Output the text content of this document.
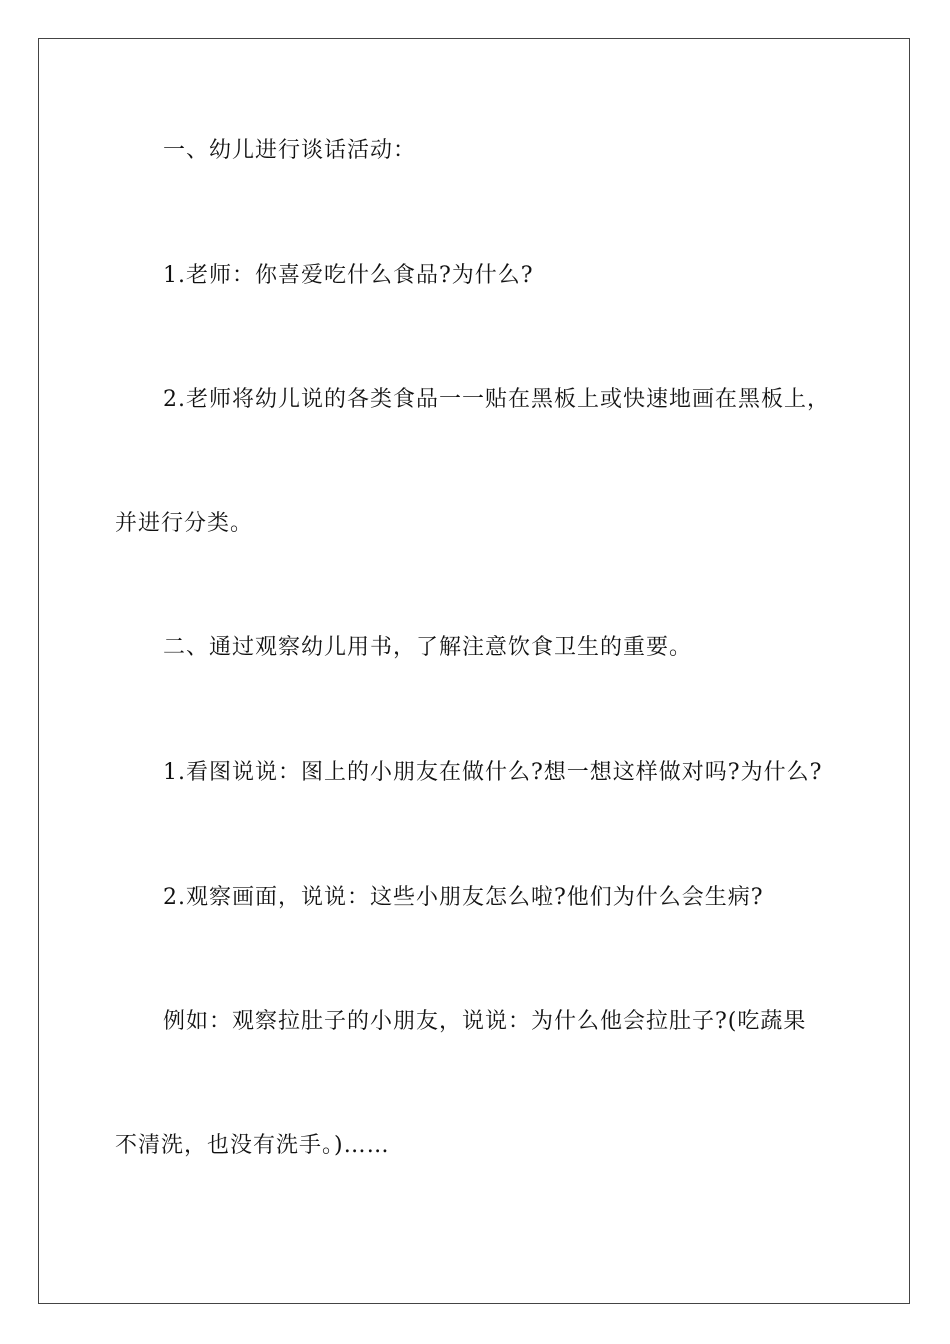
一、幼儿进行谈话活动：
1.老师：你喜爱吃什么食品?为什么?
2.老师将幼儿说的各类食品一一贴在黑板上或快速地画在黑板上，
并进行分类。
二、通过观察幼儿用书，了解注意饮食卫生的重要。
1.看图说说：图上的小朋友在做什么?想一想这样做对吗?为什么?
2.观察画面，说说：这些小朋友怎么啦?他们为什么会生病?
例如：观察拉肚子的小朋友，说说：为什么他会拉肚子?(吃蔬果
不清洗，也没有洗手。)……
